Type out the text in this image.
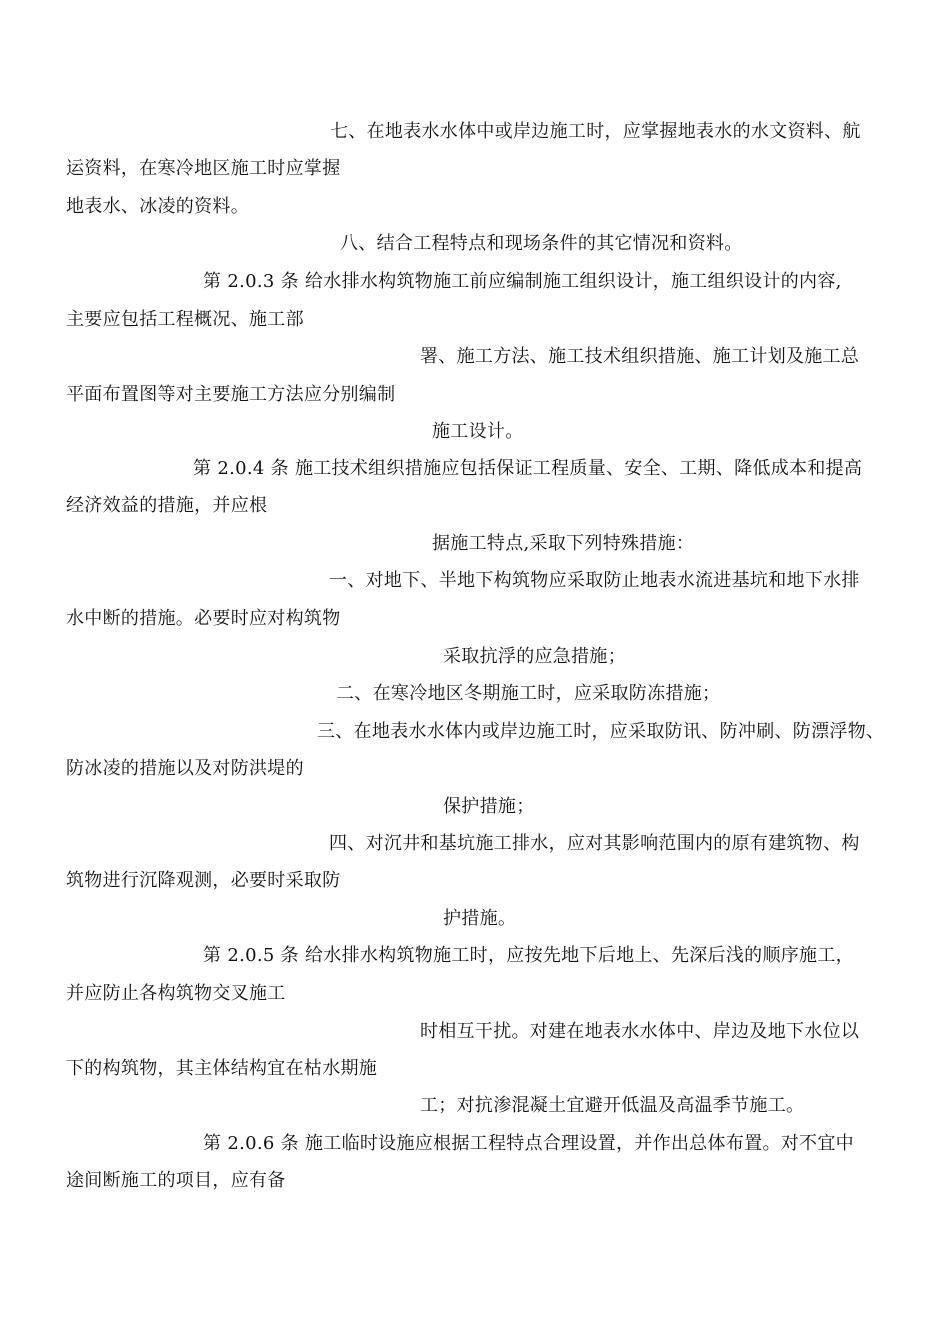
七、在地表水水体中或岸边施工时，应掌握地表水的水文资料、航
运资料，在寒冷地区施工时应掌握
地表水、冰凌的资料。
八、结合工程特点和现场条件的其它情况和资料。
第 2.0.3 条 给水排水构筑物施工前应编制施工组织设计，施工组织设计的内容,
主要应包括工程概况、施工部
署、施工方法、施工技术组织措施、施工计划及施工总
平面布置图等对主要施工方法应分别编制
施工设计。
第 2.0.4 条 施工技术组织措施应包括保证工程质量、安全、工期、降低成本和提高
经济效益的措施，并应根
据施工特点,采取下列特殊措施：
一、对地下、半地下构筑物应采取防止地表水流进基坑和地下水排
水中断的措施。必要时应对构筑物
采取抗浮的应急措施；
二、在寒冷地区冬期施工时，应采取防冻措施；
三、在地表水水体内或岸边施工时，应采取防讯、防冲刷、防漂浮物、
防冰凌的措施以及对防洪堤的
保护措施；
四、对沉井和基坑施工排水，应对其影响范围内的原有建筑物、构
筑物进行沉降观测，必要时采取防
护措施。
第 2.0.5 条 给水排水构筑物施工时，应按先地下后地上、先深后浅的顺序施工，
并应防止各构筑物交叉施工
时相互干扰。对建在地表水水体中、岸边及地下水位以
下的构筑物，其主体结构宜在枯水期施
工；对抗渗混凝土宜避开低温及高温季节施工。
第 2.0.6 条 施工临时设施应根据工程特点合理设置，并作出总体布置。对不宜中
途间断施工的项目，应有备
